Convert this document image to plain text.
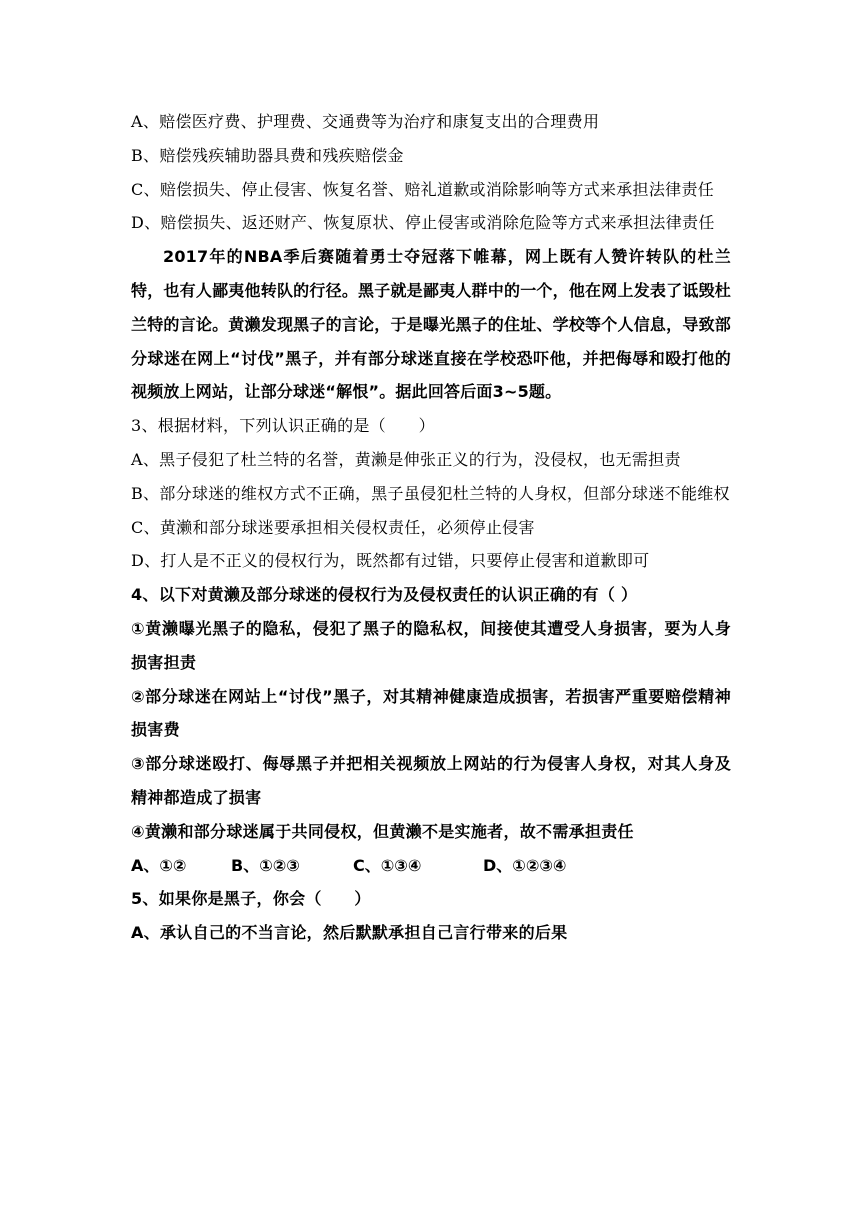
A、赔偿医疗费、护理费、交通费等为治疗和康复支出的合理费用
B、赔偿残疾辅助器具费和残疾赔偿金
C、赔偿损失、停止侵害、恢复名誉、赔礼道歉或消除影响等方式来承担法律责任
D、赔偿损失、返还财产、恢复原状、停止侵害或消除危险等方式来承担法律责任
2017年的NBA季后赛随着勇士夺冠落下帷幕，网上既有人赞许转队的杜兰特，也有人鄙夷他转队的行径。黑子就是鄙夷人群中的一个，他在网上发表了诋毁杜兰特的言论。黄濑发现黑子的言论，于是曝光黑子的住址、学校等个人信息，导致部分球迷在网上“讨伐”黑子，并有部分球迷直接在学校恐吓他，并把侮辱和殴打他的视频放上网站，让部分球迷“解恨”。据此回答后面3~5题。
3、根据材料，下列认识正确的是（　　）
A、黑子侵犯了杜兰特的名誉，黄濑是伸张正义的行为，没侵权，也无需担责
B、部分球迷的维权方式不正确，黑子虽侵犯杜兰特的人身权，但部分球迷不能维权
C、黄濑和部分球迷要承担相关侵权责任，必须停止侵害
D、打人是不正义的侵权行为，既然都有过错，只要停止侵害和道歉即可
4、以下对黄濑及部分球迷的侵权行为及侵权责任的认识正确的有（ ）
①黄濑曝光黑子的隐私，侵犯了黑子的隐私权，间接使其遭受人身损害，要为人身损害担责
②部分球迷在网站上“讨伐”黑子，对其精神健康造成损害，若损害严重要赔偿精神损害费
③部分球迷殴打、侮辱黑子并把相关视频放上网站的行为侵害人身权，对其人身及精神都造成了损害
④黄濑和部分球迷属于共同侵权，但黄濑不是实施者，故不需承担责任
A、①②	B、①②③	C、①③④	D、①②③④
5、如果你是黑子，你会（　　）
A、承认自己的不当言论，然后默默承担自己言行带来的后果
